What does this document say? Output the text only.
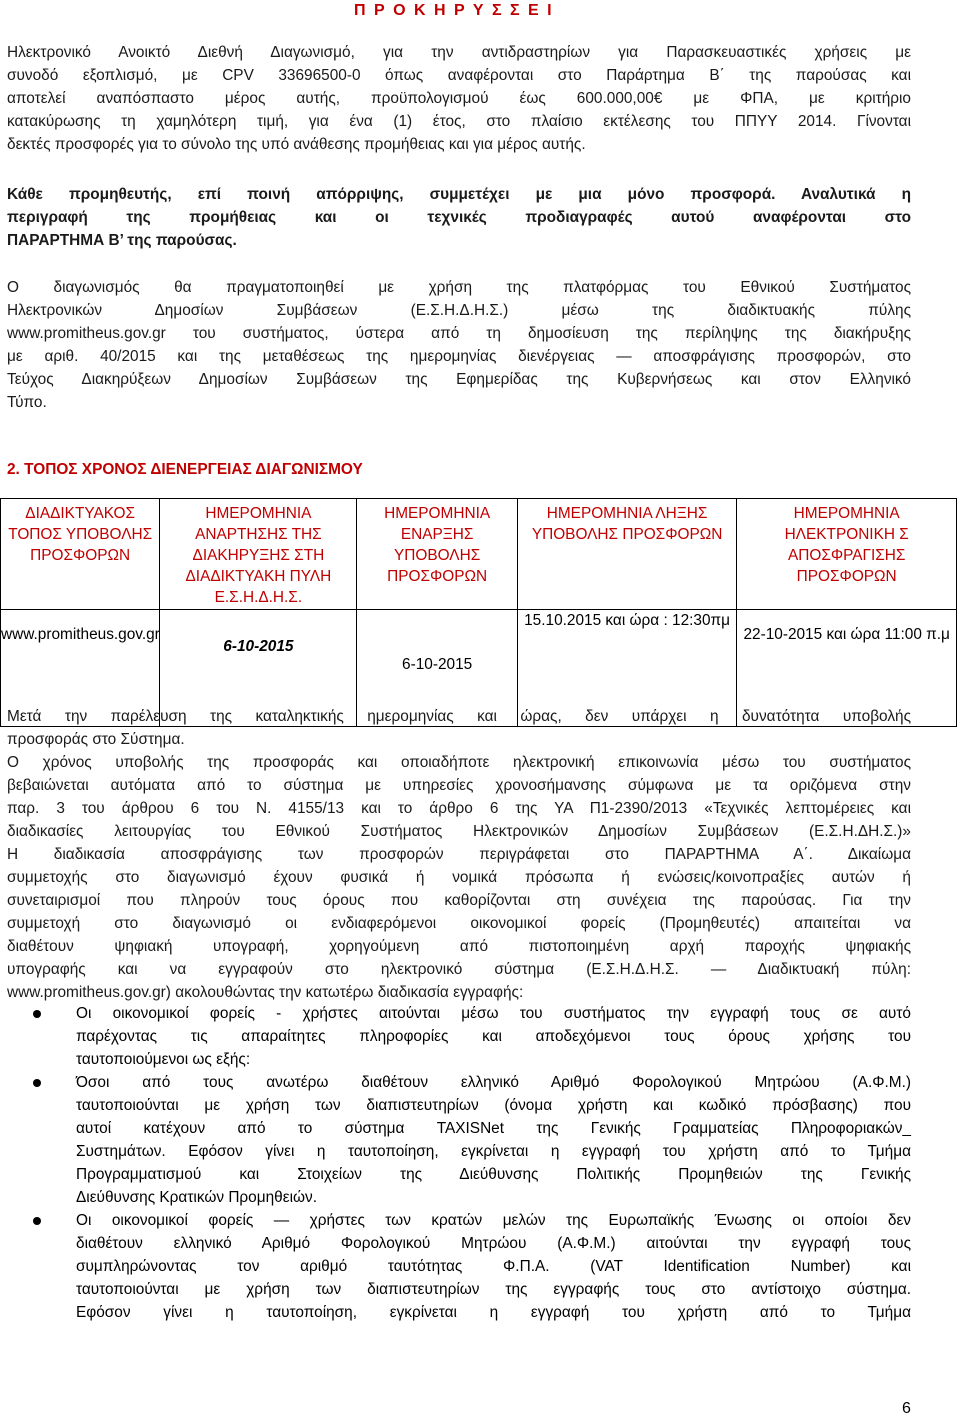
Π Ρ Ο Κ Η Ρ Υ Σ Σ Ε Ι
Ηλεκτρονικό Ανοικτό Διεθνή Διαγωνισμό, για την αντιδραστηρίων για Παρασκευαστικές χρήσεις με
συνοδό εξοπλισμό, με CPV 33696500-0 όπως αναφέρονται στο Παράρτημα Β΄ της παρούσας και
αποτελεί αναπόσπαστο μέρος αυτής, προϋπολογισμού έως 600.000,00€ με ΦΠΑ, με κριτήριο
κατακύρωσης τη χαμηλότερη τιμή, για ένα (1) έτος, στο πλαίσιο εκτέλεσης του ΠΠΥΥ 2014. Γίνονται
δεκτές προσφορές για το σύνολο της υπό ανάθεσης προμήθειας και για μέρος αυτής.
Κάθε προμηθευτής, επί ποινή απόρριψης, συμμετέχει με μια μόνο προσφορά. Αναλυτικά η
περιγραφή της προμήθειας και οι τεχνικές προδιαγραφές αυτού αναφέρονται στο
ΠΑΡΑΡΤΗΜΑ Β’ της παρούσας.
Ο διαγωνισμός θα πραγματοποιηθεί με χρήση της πλατφόρμας του Εθνικού Συστήματος
Ηλεκτρονικών Δημοσίων Συμβάσεων (Ε.Σ.Η.Δ.Η.Σ.) μέσω της διαδικτυακής πύλης
www.promitheus.gov.gr του συστήματος, ύστερα από τη δημοσίευση της περίληψης της διακήρυξης
με αριθ. 40/2015 και της μεταθέσεως της ημερομηνίας διενέργειας — αποσφράγισης προσφορών, στο
Τεύχος Διακηρύξεων Δημοσίων Συμβάσεων της Εφημερίδας της Κυβερνήσεως και στον Ελληνικό
Τύπο.
2. ΤΟΠΟΣ ΧΡΟΝΟΣ ΔΙΕΝΕΡΓΕΙΑΣ ΔΙΑΓΩΝΙΣΜΟΥ
ΔΙΑΔΙΚΤΥΑΚΟΣ ΤΟΠΟΣ ΥΠΟΒΟΛΗΣ ΠΡΟΣΦΟΡΩΝ	ΗΜΕΡΟΜΗΝΙΑ ΑΝΑΡΤΗΣΗΣ ΤΗΣ ΔΙΑΚΗΡΥΞΗΣ ΣΤΗ ΔΙΑΔΙΚΤΥΑΚΗ ΠΥΛΗ Ε.Σ.Η.Δ.Η.Σ.	ΗΜΕΡΟΜΗΝΙΑ ΕΝΑΡΞΗΣ ΥΠΟΒΟΛΗΣ ΠΡΟΣΦΟΡΩΝ	ΗΜΕΡΟΜΗΝΙΑ ΛΗΞΗΣ ΥΠΟΒΟΛΗΣ ΠΡΟΣΦΟΡΩΝ	ΗΜΕΡΟΜΗΝΙΑ ΗΛΕΚΤΡΟΝΙΚΗ Σ ΑΠΟΣΦΡΑΓΙΣΗΣ ΠΡΟΣΦΟΡΩΝ
www.promitheus.gov.gr	6-10-2015	6-10-2015	15.10.2015 και ώρα : 12:30πμ	22-10-2015 και ώρα 11:00 π.μ
Μετά την παρέλευση της καταληκτικής ημερομηνίας και ώρας, δεν υπάρχει η δυνατότητα υποβολής
προσφοράς στο Σύστημα.
Ο χρόνος υποβολής της προσφοράς και οποιαδήποτε ηλεκτρονική επικοινωνία μέσω του συστήματος
βεβαιώνεται αυτόματα από το σύστημα με υπηρεσίες χρονοσήμανσης σύμφωνα με τα οριζόμενα στην
παρ. 3 του άρθρου 6 του Ν. 4155/13 και το άρθρο 6 της ΥΑ Π1-2390/2013 «Τεχνικές λεπτομέρειες και
διαδικασίες λειτουργίας του Εθνικού Συστήματος Ηλεκτρονικών Δημοσίων Συμβάσεων (Ε.Σ.Η.ΔΗ.Σ.)»
Η διαδικασία αποσφράγισης των προσφορών περιγράφεται στο ΠΑΡΑΡΤΗΜΑ Α΄. Δικαίωμα
συμμετοχής στο διαγωνισμό έχουν φυσικά ή νομικά πρόσωπα ή ενώσεις/κοινοπραξίες αυτών ή
συνεταιρισμοί που πληρούν τους όρους που καθορίζονται στη συνέχεια της παρούσας. Για την
συμμετοχή στο διαγωνισμό οι ενδιαφερόμενοι οικονομικοί φορείς (Προμηθευτές) απαιτείται να
διαθέτουν ψηφιακή υπογραφή, χορηγούμενη από πιστοποιημένη αρχή παροχής ψηφιακής
υπογραφής και να εγγραφούν στο ηλεκτρονικό σύστημα (Ε.Σ.Η.Δ.Η.Σ. — Διαδικτυακή πύλη:
www.promitheus.gov.gr) ακολουθώντας την κατωτέρω διαδικασία εγγραφής:
Οι οικονομικοί φορείς - χρήστες αιτούνται μέσω του συστήματος την εγγραφή τους σε αυτό
παρέχοντας τις απαραίτητες πληροφορίες και αποδεχόμενοι τους όρους χρήσης του
ταυτοποιούμενοι ως εξής:
Όσοι από τους ανωτέρω διαθέτουν ελληνικό Αριθμό Φορολογικού Μητρώου (Α.Φ.Μ.)
ταυτοποιούνται με χρήση των διαπιστευτηρίων (όνομα χρήστη και κωδικό πρόσβασης) που
αυτοί κατέχουν από το σύστημα TAXISNet της Γενικής Γραμματείας Πληροφοριακών_
Συστημάτων. Εφόσον γίνει η ταυτοποίηση, εγκρίνεται η εγγραφή του χρήστη από το Τμήμα
Προγραμματισμού και Στοιχείων της Διεύθυνσης Πολιτικής Προμηθειών της Γενικής
Διεύθυνσης Κρατικών Προμηθειών.
Οι οικονομικοί φορείς — χρήστες των κρατών μελών της Ευρωπαϊκής Ένωσης οι οποίοι δεν
διαθέτουν ελληνικό Αριθμό Φορολογικού Μητρώου (Α.Φ.Μ.) αιτούνται την εγγραφή τους
συμπληρώνοντας τον αριθμό ταυτότητας Φ.Π.Α. (VAT Identification Number) και
ταυτοποιούνται με χρήση των διαπιστευτηρίων της εγγραφής τους στο αντίστοιχο σύστημα.
Εφόσον γίνει η ταυτοποίηση, εγκρίνεται η εγγραφή του χρήστη από το Τμήμα
6
